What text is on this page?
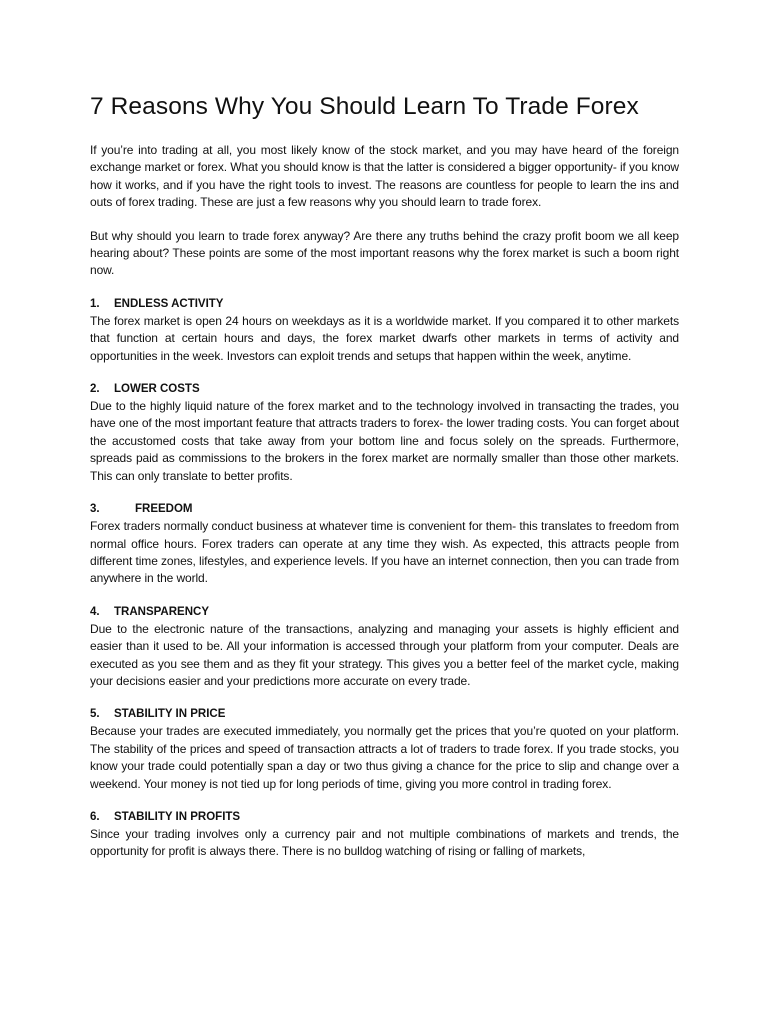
7 Reasons Why You Should Learn To Trade Forex

If you’re into trading at all, you most likely know of the stock market, and you may have heard of the foreign exchange market or forex. What you should know is that the latter is considered a bigger opportunity- if you know how it works, and if you have the right tools to invest. The reasons are countless for people to learn the ins and outs of forex trading. These are just a few reasons why you should learn to trade forex.

But why should you learn to trade forex anyway? Are there any truths behind the crazy profit boom we all keep hearing about? These points are some of the most important reasons why the forex market is such a boom right now.

1.	ENDLESS ACTIVITY

The forex market is open 24 hours on weekdays as it is a worldwide market. If you compared it to other markets that function at certain hours and days, the forex market dwarfs other markets in terms of activity and opportunities in the week. Investors can exploit trends and setups that happen within the week, anytime.

2.	LOWER COSTS

Due to the highly liquid nature of the forex market and to the technology involved in transacting the trades, you have one of the most important feature that attracts traders to forex- the lower trading costs. You can forget about the accustomed costs that take away from your bottom line and focus solely on the spreads. Furthermore, spreads paid as commissions to the brokers in the forex market are normally smaller than those other markets. This can only translate to better profits.

3.	FREEDOM

Forex traders normally conduct business at whatever time is convenient for them- this translates to freedom from normal office hours. Forex traders can operate at any time they wish. As expected, this attracts people from different time zones, lifestyles, and experience levels. If you have an internet connection, then you can trade from anywhere in the world.

4.	TRANSPARENCY

Due to the electronic nature of the transactions, analyzing and managing your assets is highly efficient and easier than it used to be. All your information is accessed through your platform from your computer. Deals are executed as you see them and as they fit your strategy. This gives you a better feel of the market cycle, making your decisions easier and your predictions more accurate on every trade.

5.	STABILITY IN PRICE

Because your trades are executed immediately, you normally get the prices that you’re quoted on your platform. The stability of the prices and speed of transaction attracts a lot of traders to trade forex. If you trade stocks, you know your trade could potentially span a day or two thus giving a chance for the price to slip and change over a weekend. Your money is not tied up for long periods of time, giving you more control in trading forex.

6.	STABILITY IN PROFITS

Since your trading involves only a currency pair and not multiple combinations of markets and trends, the opportunity for profit is always there. There is no bulldog watching of rising or falling of markets,
